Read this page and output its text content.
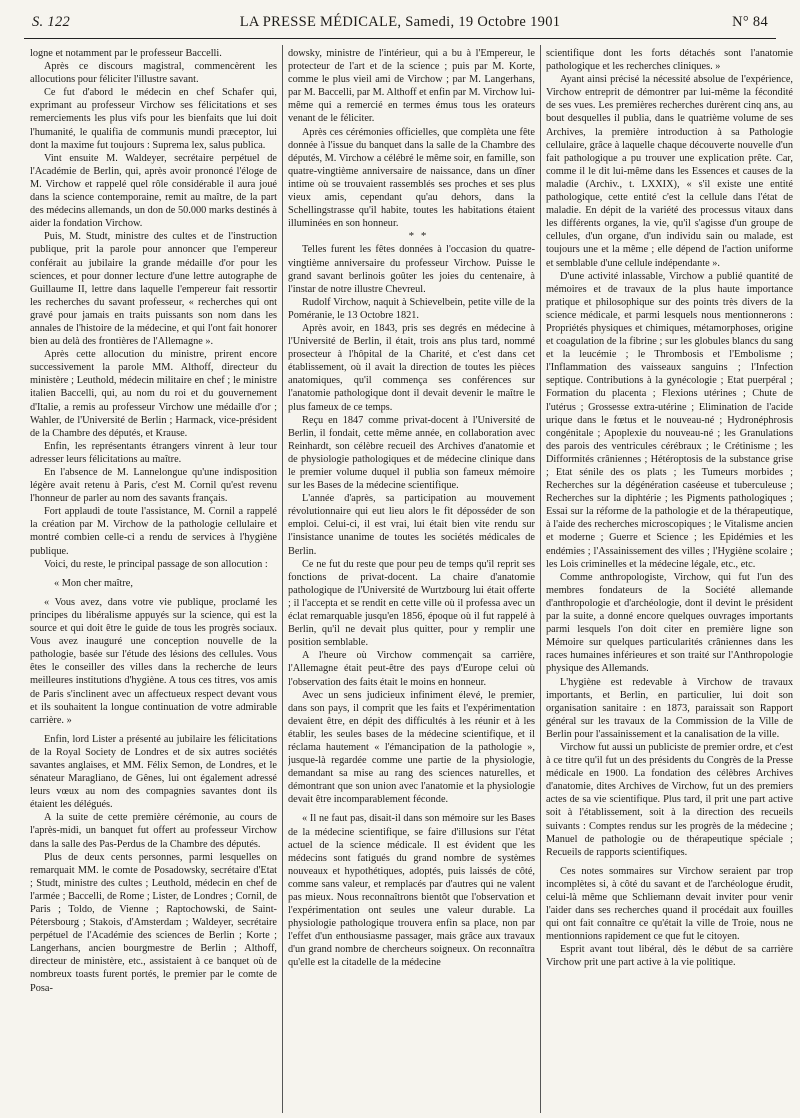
S. 122	LA PRESSE MÉDICALE, Samedi, 19 Octobre 1901	N° 84

logne et notamment par le professeur Baccelli.

Après ce discours magistral, commencèrent les allocutions pour féliciter l'illustre savant.

Ce fut d'abord le médecin en chef Schafer qui, exprimant au professeur Virchow ses félicitations et ses remerciements les plus vifs pour les bienfaits que lui doit l'humanité, le qualifia de communis mundi præceptor, lui dont la maxime fut toujours : Suprema lex, salus publica.

Vint ensuite M. Waldeyer, secrétaire perpétuel de l'Académie de Berlin, qui, après avoir prononcé l'éloge de M. Virchow et rappelé quel rôle considérable il aura joué dans la science contemporaine, remit au maître, de la part des médecins allemands, un don de 50.000 marks destinés à aider la fondation Virchow.

Puis, M. Studt, ministre des cultes et de l'instruction publique, prit la parole pour annoncer que l'empereur conférait au jubilaire la grande médaille d'or pour les sciences, et pour donner lecture d'une lettre autographe de Guillaume II, lettre dans laquelle l'empereur fait ressortir les recherches du savant professeur, « recherches qui ont gravé pour jamais en traits puissants son nom dans les annales de l'histoire de la médecine, et qui l'ont fait honorer bien au delà des frontières de l'Allemagne ».

Après cette allocution du ministre, prirent encore successivement la parole MM. Althoff, directeur du ministère ; Leuthold, médecin militaire en chef ; le ministre italien Baccelli, qui, au nom du roi et du gouvernement d'Italie, a remis au professeur Virchow une médaille d'or ; Wahler, de l'Université de Berlin ; Harmack, vice-président de la Chambre des députés, et Krause.

Enfin, les représentants étrangers vinrent à leur tour adresser leurs félicitations au maître.

En l'absence de M. Lannelongue qu'une indisposition légère avait retenu à Paris, c'est M. Cornil qu'est revenu l'honneur de parler au nom des savants français.

Fort applaudi de toute l'assistance, M. Cornil a rappelé la création par M. Virchow de la pathologie cellulaire et montré combien celle-ci a rendu de services à l'hygiène publique.

Voici, du reste, le principal passage de son allocution :

« Mon cher maître,

« Vous avez, dans votre vie publique, proclamé les principes du libéralisme appuyés sur la science, qui est la source et qui doit être le guide de tous les progrès sociaux. Vous avez inauguré une conception nouvelle de la pathologie, basée sur l'étude des lésions des cellules. Vous êtes le conseiller des villes dans la recherche de leurs meilleures institutions d'hygiène. A tous ces titres, vos amis de Paris s'inclinent avec un affectueux respect devant vous et ils souhaitent la longue continuation de votre admirable carrière. »

Enfin, lord Lister a présenté au jubilaire les félicitations de la Royal Society de Londres et de six autres sociétés savantes anglaises, et MM. Félix Semon, de Londres, et le sénateur Maragliano, de Gênes, lui ont également adressé leurs vœux au nom des compagnies savantes dont ils étaient les délégués.

A la suite de cette première cérémonie, au cours de l'après-midi, un banquet fut offert au professeur Virchow dans la salle des Pas-Perdus de la Chambre des députés.

Plus de deux cents personnes, parmi lesquelles on remarquait MM. le comte de Posadowsky, secrétaire d'Etat ; Studt, ministre des cultes ; Leuthold, médecin en chef de l'armée ; Baccelli, de Rome ; Lister, de Londres ; Cornil, de Paris ; Toldo, de Vienne ; Raptochowski, de Saint-Pétersbourg ; Stakois, d'Amsterdam ; Waldeyer, secrétaire perpétuel de l'Académie des sciences de Berlin ; Korte ; Langerhans, ancien bourgmestre de Berlin ; Althoff, directeur de ministère, etc., assistaient à ce banquet où de nombreux toasts furent portés, le premier par le comte de Posa-

dowsky, ministre de l'intérieur, qui a bu à l'Empereur, le protecteur de l'art et de la science ; puis par M. Korte, comme le plus vieil ami de Virchow ; par M. Langerhans, par M. Baccelli, par M. Althoff et enfin par M. Virchow lui-même qui a remercié en termes émus tous les orateurs venant de le féliciter.

Après ces cérémonies officielles, que complèta une fête donnée à l'issue du banquet dans la salle de la Chambre des députés, M. Virchow a célébré le même soir, en famille, son quatre-vingtième anniversaire de naissance, dans un dîner intime où se trouvaient rassemblés ses proches et ses plus vieux amis, cependant qu'au dehors, dans la Schellingstrasse qu'il habite, toutes les habitations étaient illuminées en son honneur.

* *

Telles furent les fêtes données à l'occasion du quatre-vingtième anniversaire du professeur Virchow. Puisse le grand savant berlinois goûter les joies du centenaire, à l'instar de notre illustre Chevreul.

Rudolf Virchow, naquit à Schievelbein, petite ville de la Poméranie, le 13 Octobre 1821.

Après avoir, en 1843, pris ses degrés en médecine à l'Université de Berlin, il était, trois ans plus tard, nommé prosecteur à l'hôpital de la Charité, et c'est dans cet établissement, où il avait la direction de toutes les pièces anatomiques, qu'il commença ses conférences sur l'anatomie pathologique dont il devait devenir le maître le plus fameux de ce temps.

Reçu en 1847 comme privat-docent à l'Université de Berlin, il fondait, cette même année, en collaboration avec Reinhardt, son célèbre recueil des Archives d'anatomie et de physiologie pathologiques et de médecine clinique dans le premier volume duquel il publia son fameux mémoire sur les Bases de la médecine scientifique.

L'année d'après, sa participation au mouvement révolutionnaire qui eut lieu alors le fit déposséder de son emploi. Celui-ci, il est vrai, lui était bien vite rendu sur l'insistance unanime de toutes les sociétés médicales de Berlin.

Ce ne fut du reste que pour peu de temps qu'il reprit ses fonctions de privat-docent. La chaire d'anatomie pathologique de l'Université de Wurtzbourg lui était offerte ; il l'accepta et se rendit en cette ville où il professa avec un éclat remarquable jusqu'en 1856, époque où il fut rappelé à Berlin, qu'il ne devait plus quitter, pour y remplir une position semblable.

A l'heure où Virchow commençait sa carrière, l'Allemagne était peut-être des pays d'Europe celui où l'observation des faits était le moins en honneur.

Avec un sens judicieux infiniment élevé, le premier, dans son pays, il comprit que les faits et l'expérimentation devaient être, en dépit des difficultés à les réunir et à les établir, les seules bases de la médecine scientifique, et il réclama hautement « l'émancipation de la pathologie », jusque-là regardée comme une partie de la physiologie, demandant sa mise au rang des sciences naturelles, et démontrant que son union avec l'anatomie et la physiologie devait être incomparablement féconde.

« Il ne faut pas, disait-il dans son mémoire sur les Bases de la médecine scientifique, se faire d'illusions sur l'état actuel de la science médicale. Il est évident que les médecins sont fatigués du grand nombre de systèmes nouveaux et hypothétiques, adoptés, puis laissés de côté, comme sans valeur, et remplacés par d'autres qui ne valent pas mieux. Nous reconnaîtrons bientôt que l'observation et l'expérimentation ont seules une valeur durable. La physiologie pathologique trouvera enfin sa place, non par l'effet d'un enthousiasme passager, mais grâce aux travaux d'un grand nombre de chercheurs soigneux. On reconnaîtra qu'elle est la citadelle de la médecine

scientifique dont les forts détachés sont l'anatomie pathologique et les recherches cliniques. »

Ayant ainsi précisé la nécessité absolue de l'expérience, Virchow entreprit de démontrer par lui-même la fécondité de ses vues. Les premières recherches durèrent cinq ans, au bout desquelles il publia, dans le quatrième volume de ses Archives, la première introduction à sa Pathologie cellulaire, grâce à laquelle chaque découverte nouvelle d'un fait pathologique a pu trouver une explication prête. Car, comme il le dit lui-même dans les Essences et causes de la maladie (Archiv., t. LXXIX), « s'il existe une entité pathologique, cette entité c'est la cellule dans l'état de maladie. En dépit de la variété des processus vitaux dans les différents organes, la vie, qu'il s'agisse d'un groupe de cellules, d'un organe, d'un individu sain ou malade, est toujours une et la même ; elle dépend de l'action uniforme et semblable d'une cellule indépendante ».

D'une activité inlassable, Virchow a publié quantité de mémoires et de travaux de la plus haute importance pratique et philosophique sur des points très divers de la science médicale, et parmi lesquels nous mentionnerons : Propriétés physiques et chimiques, métamorphoses, origine et coagulation de la fibrine ; sur les globules blancs du sang et la leucémie ; le Thrombosis et l'Embolisme ; l'Inflammation des vaisseaux sanguins ; l'Infection septique. Contributions à la gynécologie ; Etat puerpéral ; Formation du placenta ; Flexions utérines ; Chute de l'utérus ; Grossesse extra-utérine ; Elimination de l'acide urique dans le fœtus et le nouveau-né ; Hydronéphrosis congénitale ; Apoplexie du nouveau-né ; les Granulations des parois des ventricules cérébraux ; le Crétinisme ; les Difformités crâniennes ; Hétéroptosis de la substance grise ; Etat sénile des os plats ; les Tumeurs morbides ; Recherches sur la dégénération caséeuse et tuberculeuse ; Recherches sur la diphtérie ; les Pigments pathologiques ; Essai sur la réforme de la pathologie et de la thérapeutique, à l'aide des recherches microscopiques ; le Vitalisme ancien et moderne ; Guerre et Science ; les Epidémies et les endémies ; l'Assainissement des villes ; l'Hygiène scolaire ; les Lois criminelles et la médecine légale, etc., etc.

Comme anthropologiste, Virchow, qui fut l'un des membres fondateurs de la Société allemande d'anthropologie et d'archéologie, dont il devint le président par la suite, a donné encore quelques ouvrages importants parmi lesquels l'on doit citer en première ligne son Mémoire sur quelques particularités crâniennes dans les races humaines inférieures et son traité sur l'Anthropologie physique des Allemands.

L'hygiène est redevable à Virchow de travaux importants, et Berlin, en particulier, lui doit son organisation sanitaire : en 1873, paraissait son Rapport général sur les travaux de la Commission de la Ville de Berlin pour l'assainissement et la canalisation de la ville.

Virchow fut aussi un publiciste de premier ordre, et c'est à ce titre qu'il fut un des présidents du Congrès de la Presse médicale en 1900. La fondation des célèbres Archives d'anatomie, dites Archives de Virchow, fut un des premiers actes de sa vie scientifique. Plus tard, il prit une part active soit à l'établissement, soit à la direction des recueils suivants : Comptes rendus sur les progrès de la médecine ; Manuel de pathologie ou de thérapeutique spéciale ; Recueils de rapports scientifiques.

Ces notes sommaires sur Virchow seraient par trop incomplètes si, à côté du savant et de l'archéologue érudit, celui-là même que Schliemann devait inviter pour venir l'aider dans ses recherches quand il procédait aux fouilles qui ont fait connaître ce qu'était la ville de Troie, nous ne mentionnions rapidement ce que fut le citoyen.

Esprit avant tout libéral, dès le début de sa carrière Virchow prit une part active à la vie politique.
